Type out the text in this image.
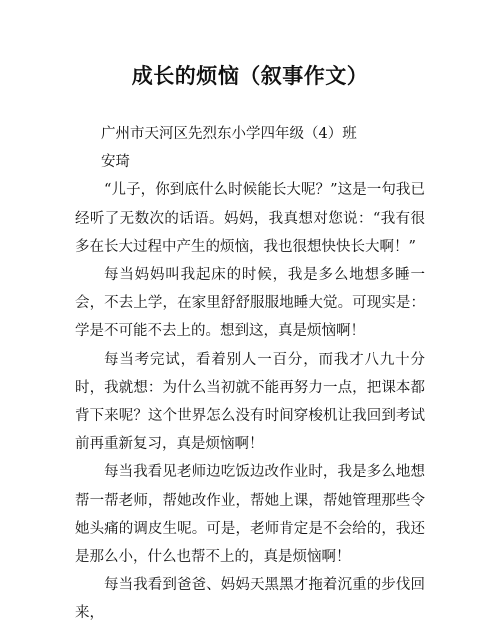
成长的烦恼（叙事作文）
广州市天河区先烈东小学四年级（4）班
安琦

“儿子，你到底什么时候能长大呢？”这是一句我已经听了无数次的话语。妈妈，我真想对您说：“我有很多在长大过程中产生的烦恼，我也很想快快长大啊！”

每当妈妈叫我起床的时候，我是多么地想多睡一会，不去上学，在家里舒舒服服地睡大觉。可现实是：学是不可能不去上的。想到这，真是烦恼啊！

每当考完试，看着别人一百分，而我才八九十分时，我就想：为什么当初就不能再努力一点，把课本都背下来呢？这个世界怎么没有时间穿梭机让我回到考试前再重新复习，真是烦恼啊！

每当我看见老师边吃饭边改作业时，我是多么地想帮一帮老师，帮她改作业，帮她上课，帮她管理那些令她头痛的调皮生呢。可是，老师肯定是不会给的，我还是那么小，什么也帮不上的，真是烦恼啊！

每当我看到爸爸、妈妈天黑黑才拖着沉重的步伐回来，
